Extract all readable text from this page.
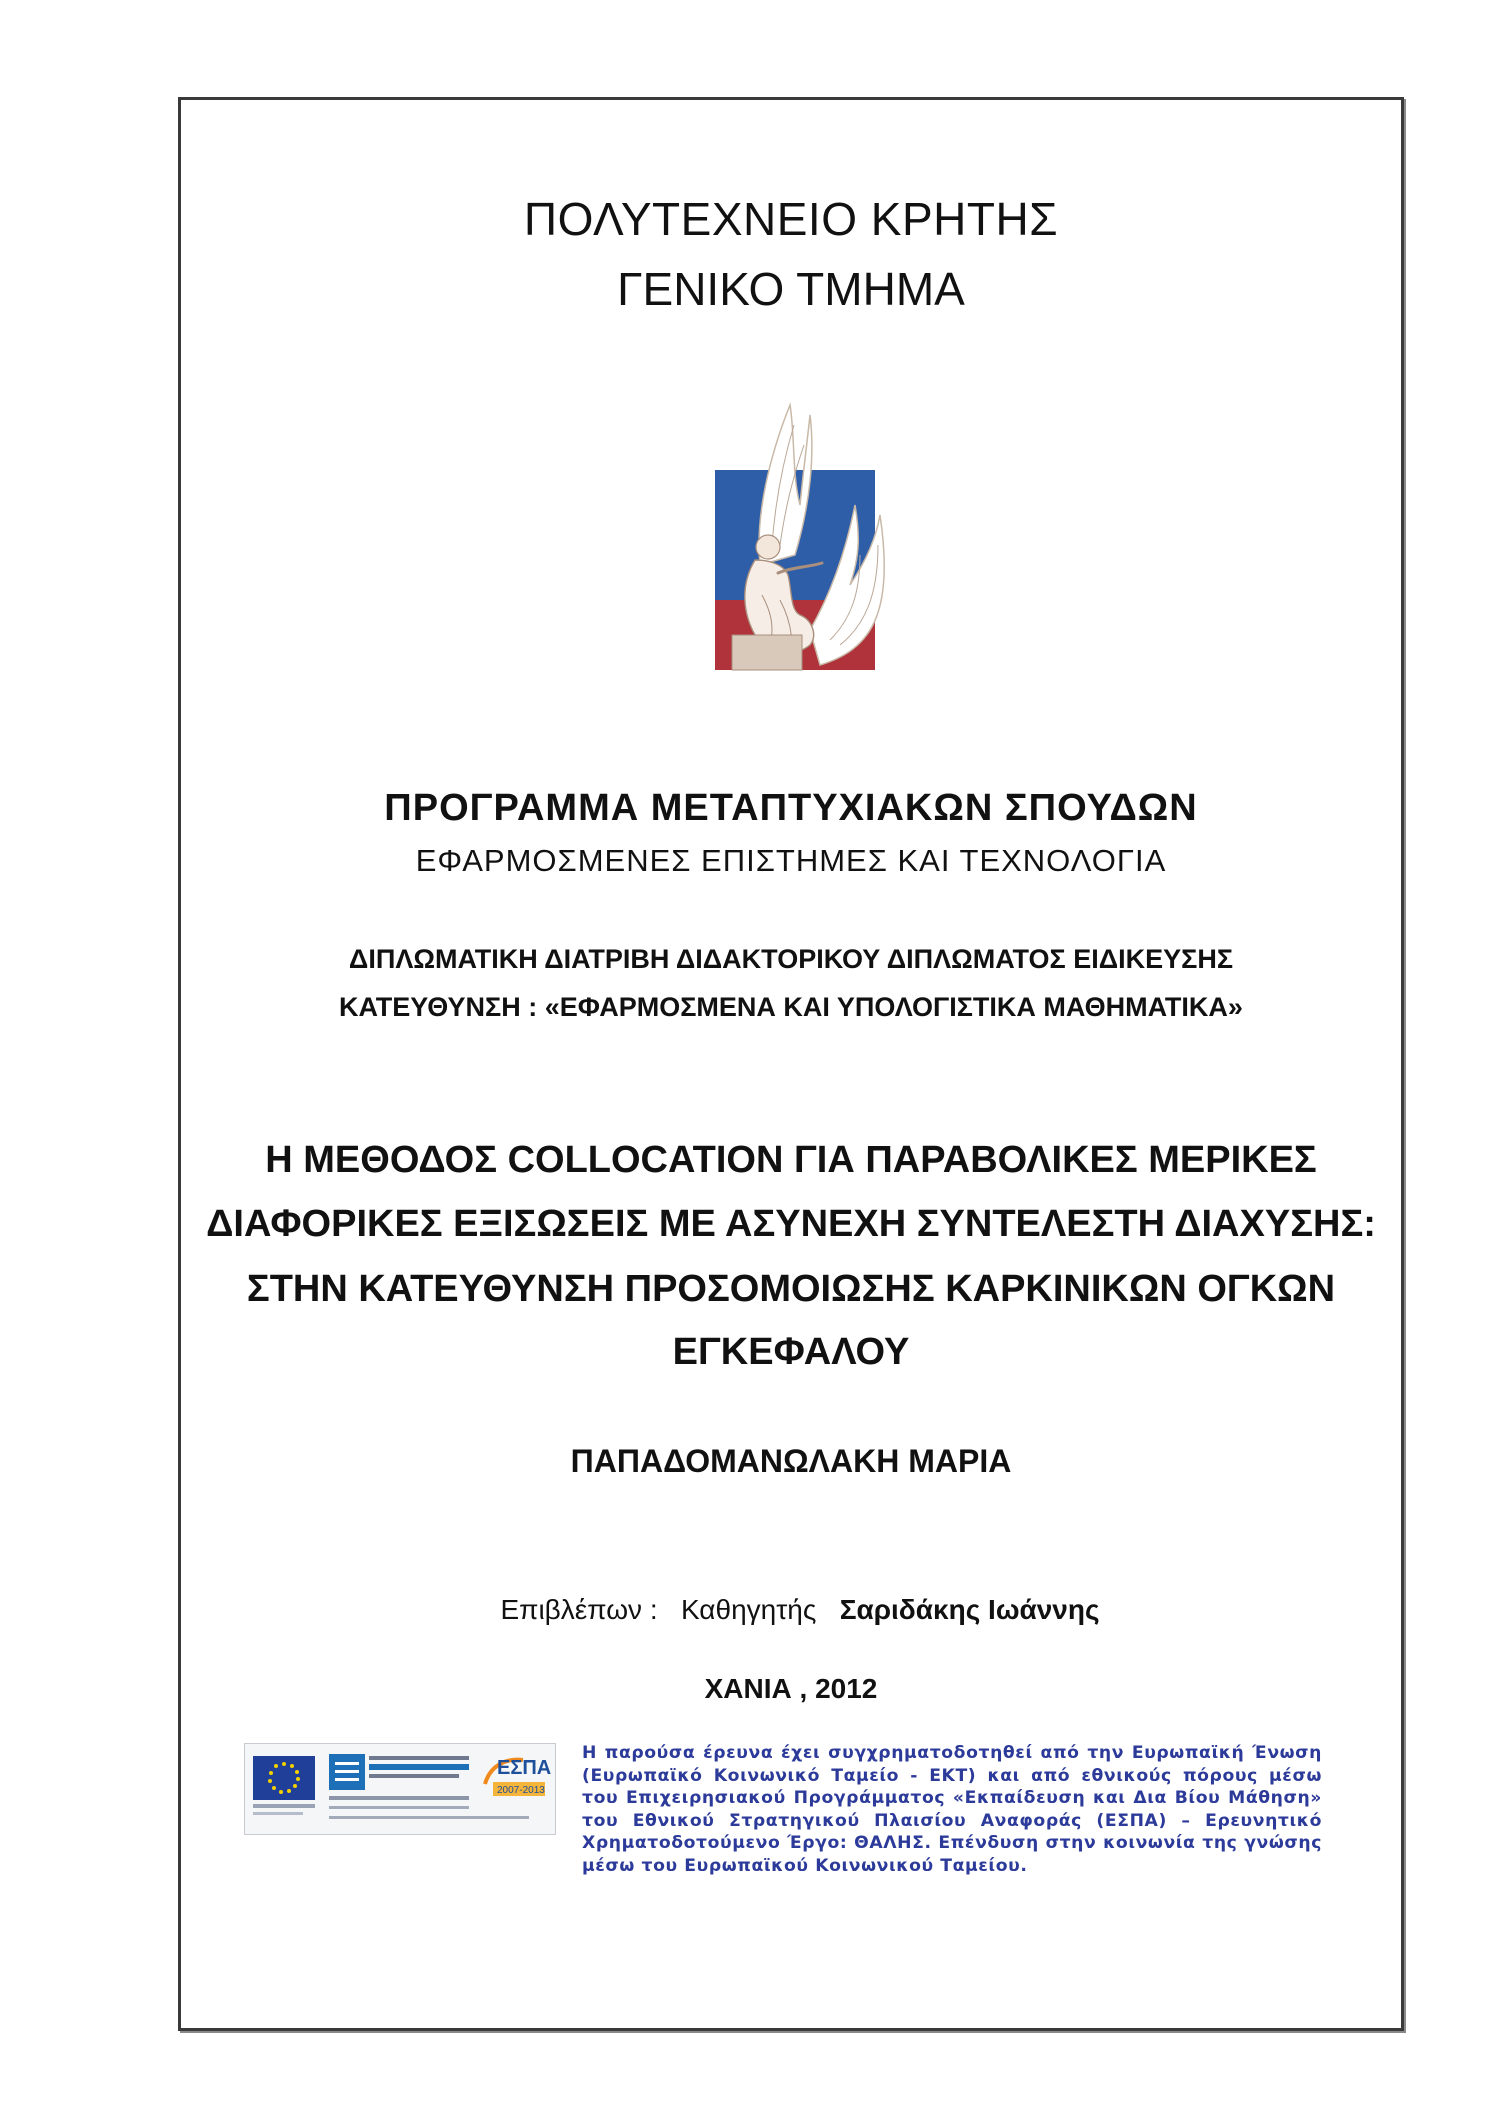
ΠΟΛΥΤΕΧΝΕΙΟ ΚΡΗΤΗΣ
ΓΕΝΙΚΟ ΤΜΗΜΑ
ΠΡΟΓΡΑΜΜΑ ΜΕΤΑΠΤΥΧΙΑΚΩΝ ΣΠΟΥΔΩΝ
ΕΦΑΡΜΟΣΜΕΝΕΣ ΕΠΙΣΤΗΜΕΣ ΚΑΙ ΤΕΧΝΟΛΟΓΙΑ
ΔΙΠΛΩΜΑΤΙΚΗ ΔΙΑΤΡΙΒΗ ΔΙΔΑΚΤΟΡΙΚΟΥ ΔΙΠΛΩΜΑΤΟΣ ΕΙΔΙΚΕΥΣΗΣ
ΚΑΤΕΥΘΥΝΣΗ : «ΕΦΑΡΜΟΣΜΕΝΑ ΚΑΙ ΥΠΟΛΟΓΙΣΤΙΚΑ ΜΑΘΗΜΑΤΙΚΑ»
Η ΜΕΘΟΔΟΣ COLLOCATION ΓΙΑ ΠΑΡΑΒΟΛΙΚΕΣ ΜΕΡΙΚΕΣ
ΔΙΑΦΟΡΙΚΕΣ ΕΞΙΣΩΣΕΙΣ ΜΕ ΑΣΥΝΕΧΗ ΣΥΝΤΕΛΕΣΤΗ ΔΙΑΧΥΣΗΣ:
ΣΤΗΝ ΚΑΤΕΥΘΥΝΣΗ ΠΡΟΣΟΜΟΙΩΣΗΣ ΚΑΡΚΙΝΙΚΩΝ ΟΓΚΩΝ
ΕΓΚΕΦΑΛΟΥ
ΠΑΠΑΔΟΜΑΝΩΛΑΚΗ ΜΑΡΙΑ
Επιβλέπων : Καθηγητής Σαριδάκης Ιωάννης
ΧΑΝΙΑ , 2012
ΕΣΠΑ
2007-2013
Η παρούσα έρευνα έχει συγχρηματοδοτηθεί από την Ευρωπαϊκή Ένωση (Ευρωπαϊκό Κοινωνικό Ταμείο - ΕΚΤ) και από εθνικούς πόρους μέσω του Επιχειρησιακού Προγράμματος «Εκπαίδευση και Δια Βίου Μάθηση» του Εθνικού Στρατηγικού Πλαισίου Αναφοράς (ΕΣΠΑ) – Ερευνητικό Χρηματοδοτούμενο Έργο: ΘΑΛΗΣ. Επένδυση στην κοινωνία της γνώσης μέσω του Ευρωπαϊκού Κοινωνικού Ταμείου.
